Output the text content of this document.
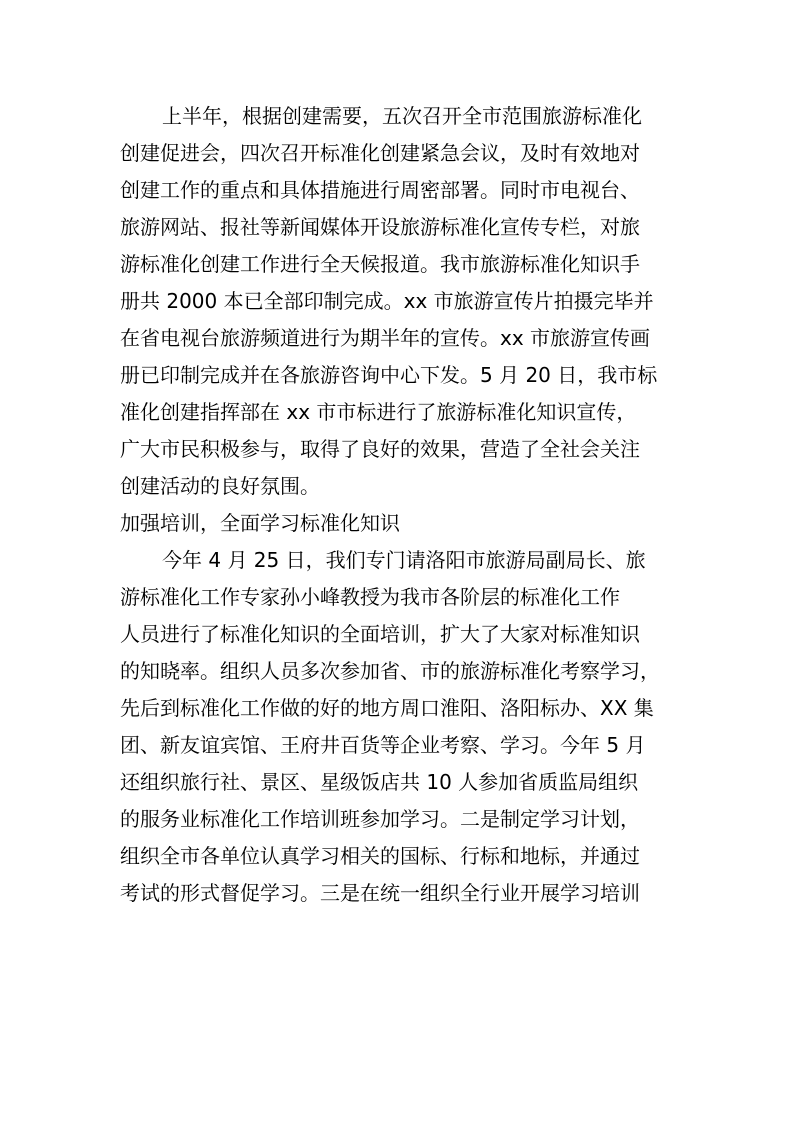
上半年，根据创建需要，五次召开全市范围旅游标准化
创建促进会，四次召开标准化创建紧急会议，及时有效地对
创建工作的重点和具体措施进行周密部署。同时市电视台、
旅游网站、报社等新闻媒体开设旅游标准化宣传专栏，对旅
游标准化创建工作进行全天候报道。我市旅游标准化知识手
册共 2000 本已全部印制完成。xx 市旅游宣传片拍摄完毕并
在省电视台旅游频道进行为期半年的宣传。xx 市旅游宣传画
册已印制完成并在各旅游咨询中心下发。5 月 20 日，我市标
准化创建指挥部在 xx 市市标进行了旅游标准化知识宣传，
广大市民积极参与，取得了良好的效果，营造了全社会关注
创建活动的良好氛围。
加强培训，全面学习标准化知识
今年 4 月 25 日，我们专门请洛阳市旅游局副局长、旅
游标准化工作专家孙小峰教授为我市各阶层的标准化工作
人员进行了标准化知识的全面培训，扩大了大家对标准知识
的知晓率。组织人员多次参加省、市的旅游标准化考察学习，
先后到标准化工作做的好的地方周口淮阳、洛阳标办、XX 集
团、新友谊宾馆、王府井百货等企业考察、学习。今年 5 月
还组织旅行社、景区、星级饭店共 10 人参加省质监局组织
的服务业标准化工作培训班参加学习。二是制定学习计划，
组织全市各单位认真学习相关的国标、行标和地标，并通过
考试的形式督促学习。三是在统一组织全行业开展学习培训
